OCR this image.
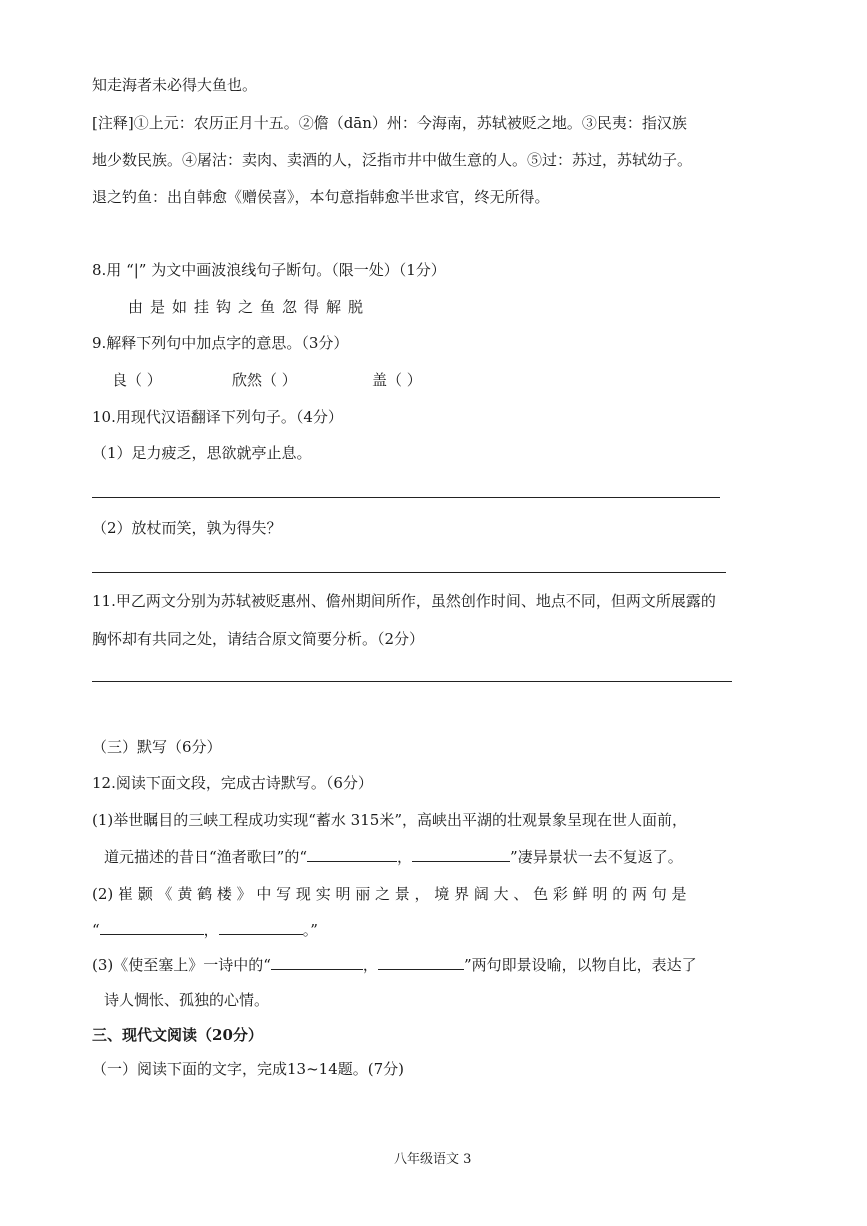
知走海者未必得大鱼也。
[注释]①上元：农历正月十五。②儋（dān）州：今海南，苏轼被贬之地。③民夷：指汉族
地少数民族。④屠沽：卖肉、卖酒的人，泛指市井中做生意的人。⑤过：苏过，苏轼幼子。
退之钓鱼：出自韩愈《赠侯喜》，本句意指韩愈半世求官，终无所得。
8.用 “|” 为文中画波浪线句子断句。（限一处）（1分）
由是如挂钩之鱼忽得解脱
9.解释下列句中加点字的意思。（3分）
良（ ）	欣然（ ）	盖（ ）
10.用现代汉语翻译下列句子。（4分）
（1）足力疲乏，思欲就亭止息。
（2）放杖而笑，孰为得失？
11.甲乙两文分别为苏轼被贬惠州、儋州期间所作，虽然创作时间、地点不同，但两文所展露的
胸怀却有共同之处，请结合原文简要分析。（2分）
（三）默写（6分）
12.阅读下面文段，完成古诗默写。（6分）
(1)举世瞩目的三峡工程成功实现“蓄水 315米”，高峡出平湖的壮观景象呈现在世人面前，
道元描述的昔日“渔者歌曰”的“	，	”凄异景状一去不复返了。
(2) 崔 颢 《 黄 鹤 楼 》 中 写 现 实 明 丽 之 景 ， 境 界 阔 大 、 色 彩 鲜 明 的 两 句 是
“	，	。”
(3)《使至塞上》一诗中的“	，	”两句即景设喻，以物自比，表达了
诗人惆怅、孤独的心情。
三、现代文阅读（20分）
（一）阅读下面的文字，完成13~14题。(7分)
八年级语文 3
